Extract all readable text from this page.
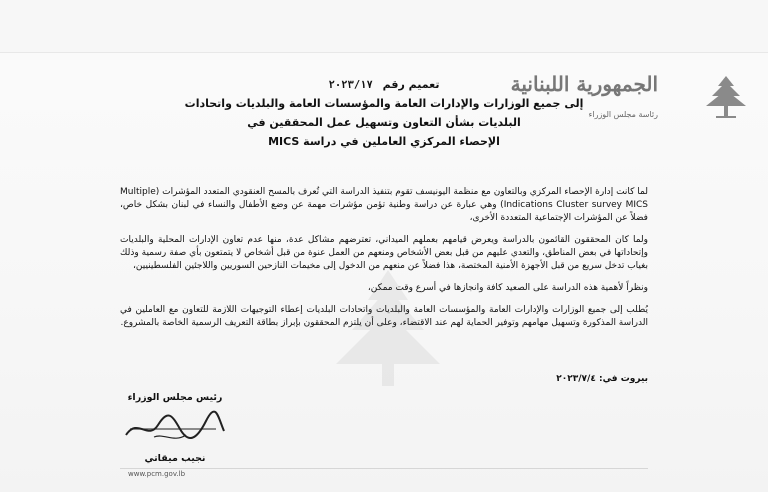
الجمهورية اللبنانية
رئاسة مجلس الوزراء
تعميم رقم ٢٠٢٣/١٧
إلى جميع الوزارات والإدارات العامة والمؤسسات العامة والبلديات واتحادات
البلديات بشأن التعاون وتسهيل عمل المحققين في
الإحصاء المركزي العاملين في دراسة MICS

لما كانت إدارة الإحصاء المركزي وبالتعاون مع منظمة اليونيسف تقوم بتنفيذ الدراسة التي تُعرف بالمسح العنقودي المتعدد المؤشرات (Multiple Indications Cluster survey MICS) وهي عبارة عن دراسة وطنية تؤمن مؤشرات مهمة عن وضع الأطفال والنساء في لبنان بشكل خاص، فضلاً عن المؤشرات الإجتماعية المتعددة الأخرى،

ولما كان المحققون القائمون بالدراسة ويعرض قيامهم بعملهم الميداني، تعترضهم مشاكل عدة، منها عدم تعاون الإدارات المحلية والبلديات وإتحاداتها في بعض المناطق، والتعدي عليهم من قبل بعض الأشخاص ومنعهم من العمل عنوة من قبل أشخاص لا يتمتعون بأي صفة رسمية وذلك بغياب تدخل سريع من قبل الأجهزة الأمنية المختصة، هذا فضلاً عن منعهم من الدخول إلى مخيمات النازحين السوريين واللاجئين الفلسطينيين،

ونظراً لأهمية هذه الدراسة على الصعيد كافة وانجازها في أسرع وقت ممكن،

يُطلب إلى جميع الوزارات والإدارات العامة والمؤسسات العامة والبلديات واتحادات البلديات إعطاء التوجيهات اللازمة للتعاون مع العاملين في الدراسة المذكورة وتسهيل مهامهم وتوفير الحماية لهم عند الاقتضاء، وعلى أن يلتزم المحققون بإبراز بطاقة التعريف الرسمية الخاصة بالمشروع.

بيروت في: ٢٠٢٣/٧/٤
رئيس مجلس الوزراء
نجيب ميقاتي
www.pcm.gov.lb
